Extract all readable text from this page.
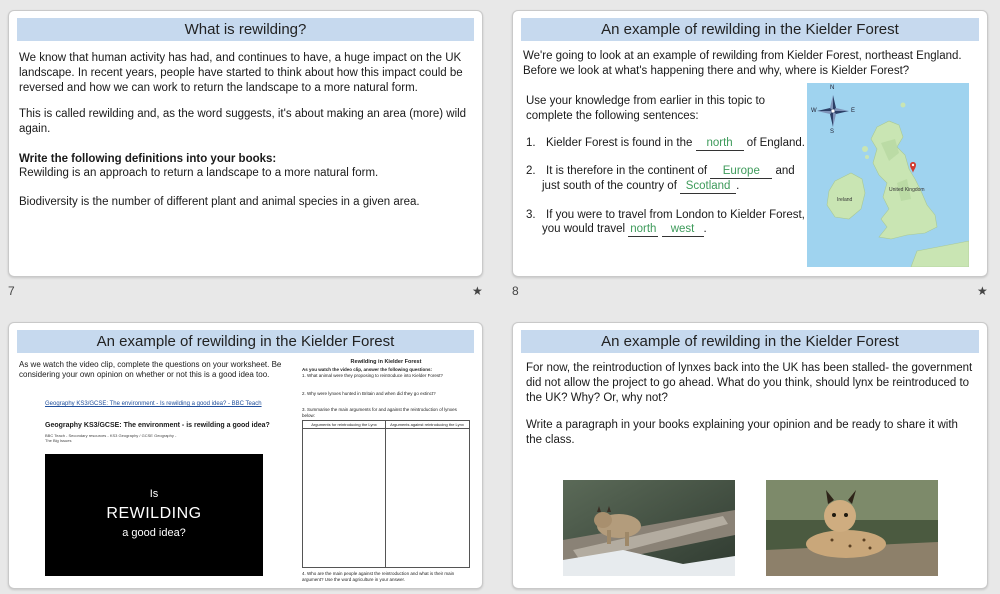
What is rewilding?
We know that human activity has had, and continues to have, a huge impact on the UK landscape. In recent years, people have started to think about how this impact could be reversed and how we can work to return the landscape to a more natural form.
This is called rewilding and, as the word suggests, it's about making an area (more) wild again.
Write the following definitions into your books:
Rewilding is an approach to return a landscape to a more natural form.
Biodiversity is the number of different plant and animal species in a given area.
7	★
An example of rewilding in the Kielder Forest
We're going to look at an example of rewilding from Kielder Forest, northeast England. Before we look at what's happening there and why, where is Kielder Forest?
Use your knowledge from earlier in this topic to complete the following sentences:
1. Kielder Forest is found in the north of England.
2. It is therefore in the continent of Europe and
just south of the country of Scotland .
3. If you were to travel from London to Kielder Forest,
you would travel north west .
N
S
E
W
Ireland
United Kingdom
8	★
An example of rewilding in the Kielder Forest
As we watch the video clip, complete the questions on your worksheet. Be considering your own opinion on whether or not this is a good idea too.
Geography KS3/GCSE: The environment - Is rewilding a good idea? - BBC Teach
Geography KS3/GCSE: The environment - is rewilding a good idea?
BBC Teach - Secondary resources - KS3 Geography / GCSE Geography -
The Big Issues
Is
REWILDING
a good idea?
Rewilding in Kielder Forest
As you watch the video clip, answer the following questions:
1. What animal were they proposing to reintroduce into Kielder Forest?
2. Why were lynxes hunted in Britain and when did they go extinct?
3. Summarise the main arguments for and against the reintroduction of lynxes below:
Arguments for reintroducing the Lynx	Arguments against reintroducing the Lynx
4. Who are the main people against the reintroduction and what is their main argument? Use the word agriculture in your answer.
An example of rewilding in the Kielder Forest
For now, the reintroduction of lynxes back into the UK has been stalled- the government did not allow the project to go ahead. What do you think, should lynx be reintroduced to the UK? Why? Or, why not?
Write a paragraph in your books explaining your opinion and be ready to share it with the class.
